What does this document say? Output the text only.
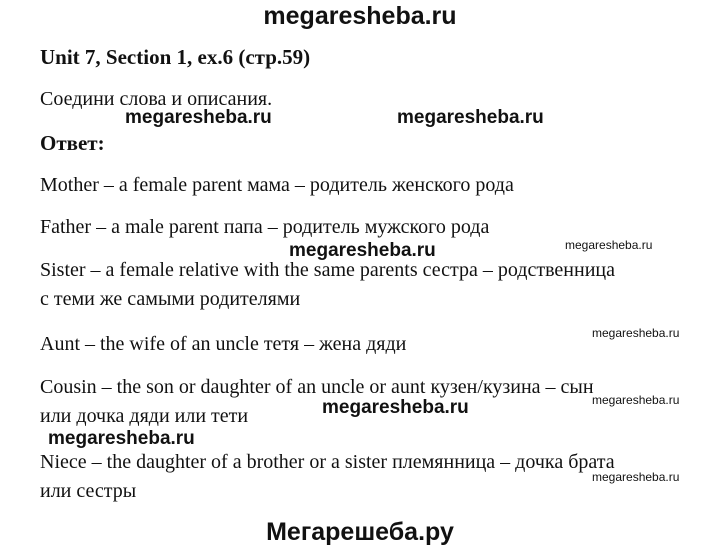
megaresheba.ru
Unit 7, Section 1, ex.6 (стр.59)
Соедини слова и описания.
Ответ:
Mother – a female parent мама – родитель женского рода
Father – a male parent папа – родитель мужского рода
Sister – a female relative with the same parents сестра – родственница
с теми же самыми родителями
Aunt – the wife of an uncle тетя – жена дяди
Cousin – the son or daughter of an uncle or aunt кузен/кузина – сын
или дочка дяди или тети
Niece – the daughter of a brother or a sister племянница – дочка брата
или сестры
megaresheba.ru	megaresheba.ru
megaresheba.ru	megaresheba.ru
megaresheba.ru
megaresheba.ru
megaresheba.ru
megaresheba.ru
megaresheba.ru
Мегарешеба.ру
